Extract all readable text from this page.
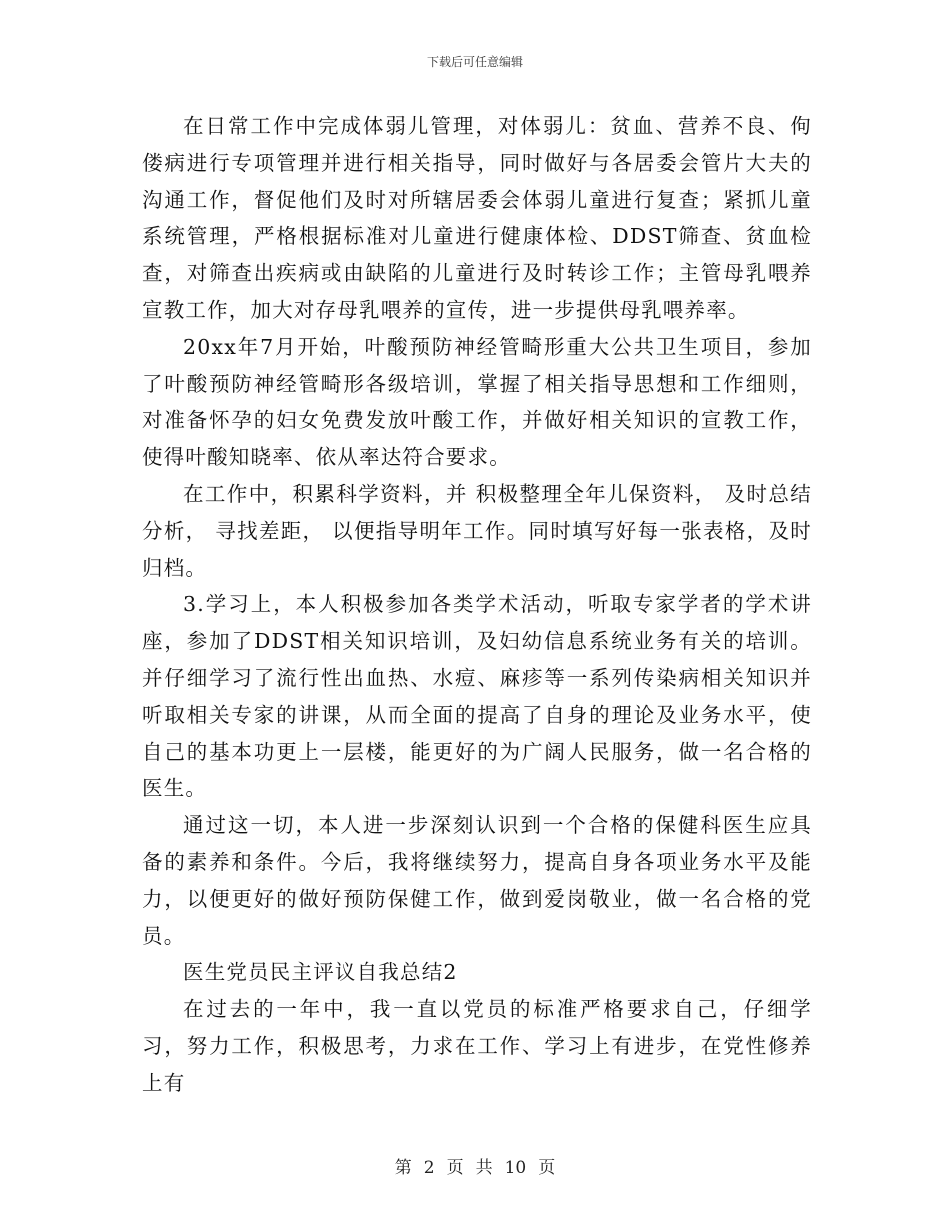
下载后可任意编辑

在日常工作中完成体弱儿管理，对体弱儿：贫血、营养不良、佝偻病进行专项管理并进行相关指导，同时做好与各居委会管片大夫的沟通工作，督促他们及时对所辖居委会体弱儿童进行复查；紧抓儿童系统管理，严格根据标准对儿童进行健康体检、DDST筛查、贫血检查，对筛查出疾病或由缺陷的儿童进行及时转诊工作；主管母乳喂养宣教工作，加大对存母乳喂养的宣传，进一步提供母乳喂养率。

20xx年7月开始，叶酸预防神经管畸形重大公共卫生项目，参加了叶酸预防神经管畸形各级培训，掌握了相关指导思想和工作细则，对准备怀孕的妇女免费发放叶酸工作，并做好相关知识的宣教工作，使得叶酸知晓率、依从率达符合要求。

在工作中，积累科学资料，并 积极整理全年儿保资料， 及时总结分析， 寻找差距， 以便指导明年工作。同时填写好每一张表格，及时归档。

3.学习上，本人积极参加各类学术活动，听取专家学者的学术讲座，参加了DDST相关知识培训，及妇幼信息系统业务有关的培训。并仔细学习了流行性出血热、水痘、麻疹等一系列传染病相关知识并听取相关专家的讲课，从而全面的提高了自身的理论及业务水平，使自己的基本功更上一层楼，能更好的为广阔人民服务，做一名合格的医生。

通过这一切，本人进一步深刻认识到一个合格的保健科医生应具备的素养和条件。今后，我将继续努力，提高自身各项业务水平及能力，以便更好的做好预防保健工作，做到爱岗敬业，做一名合格的党员。

医生党员民主评议自我总结2

在过去的一年中，我一直以党员的标准严格要求自己，仔细学习，努力工作，积极思考，力求在工作、学习上有进步，在党性修养上有

第 2 页 共 10 页
